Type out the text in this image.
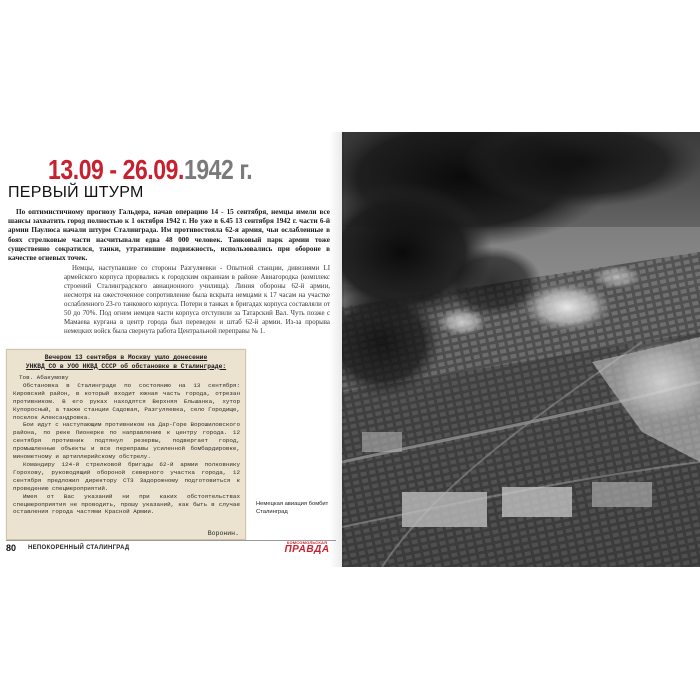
13.09 - 26.09.1942 г.
ПЕРВЫЙ ШТУРМ
По оптимистичному прогнозу Гальдера, начав операцию 14 - 15 сентября, немцы имели все шансы захватить город полностью к 1 октября 1942 г. Но уже в 6.45 13 сентября 1942 г. части 6-й армии Паулюса начали штурм Сталинграда. Им противостояла 62-я армия, чьи ослабленные в боях стрелковые части насчитывали едва 48 000 человек. Танковый парк армии тоже существенно сократился, танки, утратившие подвижность, использовались при обороне в качестве огневых точек.
Немцы, наступавшие со стороны Разгуляевки - Опытной станции, дивизиями LI армейского корпуса прорвались к городским окраинам в районе Авиагородка (комплекс строений Сталинградского авиационного училища). Линия обороны 62-й армии, несмотря на ожесточенное сопротивление была вскрыта немцами к 17 часам на участке ослабленного 23-го танкового корпуса. Потери в танках в бригадах корпуса составляли от 50 до 70%. Под огнем немцев части корпуса отступили за Татарский Вал. Чуть позже с Мамаева кургана в центр города был переведен и штаб 62-й армии. Из-за прорыва немецких войск была свернута работа Центральной переправы № 1.
Вечером 13 сентября в Москву ушло донесение
УНКВД СО в УОО НКВД СССР об обстановке в Сталинграде:

Тов. Абакумову

Обстановка в Сталинграде по состоянию на 13 сентября: Кировский район, в который входит южная часть города, отрезан противником. В его руках находятся Верхняя Ельшанка, хутор Купоросный, а также станции Садовая, Разгуляевка, село Городище, поселок Александровка.

Бои идут с наступающим противником на Дар-Горе Ворошиловского района, по реке Пионерке по направлению к центру города. 12 сентября противник подтянул резервы, подвергает город, промышленные объекты и все переправы усиленной бомбардировке, минометному и артиллерийскому обстрелу.

Командиру 124-й стрелковой бригады 62-й армии полковнику Горохову, руководящий обороной северного участка города, 12 сентября предложил директору СТЗ Задорожному подготовиться к проведению спецмероприятий.

Имея от Вас указаний ни при каких обстоятельствах спецмероприятия не проводить, прошу указаний, как быть в случае оставления города частями Красной Армии.

Воронин.
Немецкая авиация бомбит Сталинград
80 НЕПОКОРЕННЫЙ СТАЛИНГРАД
КОМСОМОЛЬСКАЯ
ПРАВДА
